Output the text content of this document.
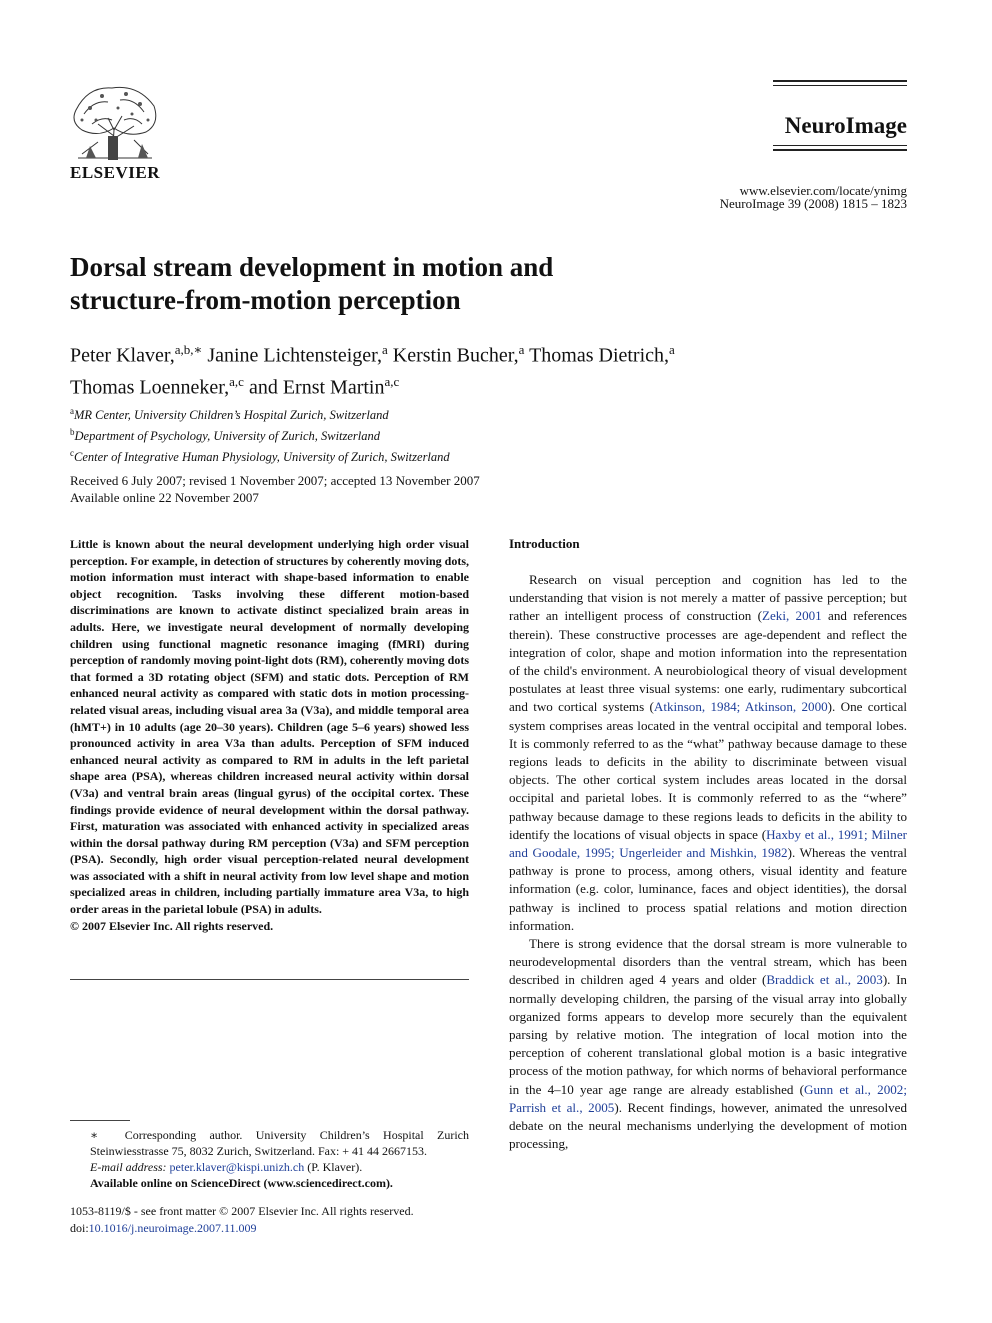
ELSEVIER
NeuroImage
www.elsevier.com/locate/ynimg
NeuroImage 39 (2008) 1815 – 1823
Dorsal stream development in motion and
structure-from-motion perception
Peter Klaver,$^{a,b,∗}$ Janine Lichtensteiger,$^a$ Kerstin Bucher,$^a$ Thomas Dietrich,$^a$
Thomas Loenneker,$^{a,c}$ and Ernst Martin$^{a,c}$
$^a$MR Center, University Children’s Hospital Zurich, Switzerland
$^b$Department of Psychology, University of Zurich, Switzerland
$^c$Center of Integrative Human Physiology, University of Zurich, Switzerland
Received 6 July 2007; revised 1 November 2007; accepted 13 November 2007
Available online 22 November 2007
Little is known about the neural development underlying high order visual perception. For example, in detection of structures by coherently moving dots, motion information must interact with shape-based information to enable object recognition. Tasks involving these different motion-based discriminations are known to activate distinct specialized brain areas in adults. Here, we investigate neural development of normally developing children using functional magnetic resonance imaging (fMRI) during perception of randomly moving point-light dots (RM), coherently moving dots that formed a 3D rotating object (SFM) and static dots. Perception of RM enhanced neural activity as compared with static dots in motion processing-related visual areas, including visual area 3a (V3a), and middle temporal area (hMT+) in 10 adults (age 20–30 years). Children (age 5–6 years) showed less pronounced activity in area V3a than adults. Perception of SFM induced enhanced neural activity as compared to RM in adults in the left parietal shape area (PSA), whereas children increased neural activity within dorsal (V3a) and ventral brain areas (lingual gyrus) of the occipital cortex. These findings provide evidence of neural development within the dorsal pathway. First, maturation was associated with enhanced activity in specialized areas within the dorsal pathway during RM perception (V3a) and SFM perception (PSA). Secondly, high order visual perception-related neural development was associated with a shift in neural activity from low level shape and motion specialized areas in children, including partially immature area V3a, to high order areas in the parietal lobule (PSA) in adults.
© 2007 Elsevier Inc. All rights reserved.
∗ Corresponding author. University Children’s Hospital Zurich Steinwiesstrasse 75, 8032 Zurich, Switzerland. Fax: + 41 44 2667153.
E-mail address: peter.klaver@kispi.unizh.ch (P. Klaver).
Available online on ScienceDirect (www.sciencedirect.com).
1053-8119/$ - see front matter © 2007 Elsevier Inc. All rights reserved.
doi:10.1016/j.neuroimage.2007.11.009
Introduction

Research on visual perception and cognition has led to the understanding that vision is not merely a matter of passive perception; but rather an intelligent process of construction (Zeki, 2001 and references therein). These constructive processes are age-dependent and reflect the integration of color, shape and motion information into the representation of the child's environment. A neurobiological theory of visual development postulates at least three visual systems: one early, rudimentary subcortical and two cortical systems (Atkinson, 1984; Atkinson, 2000). One cortical system comprises areas located in the ventral occipital and temporal lobes. It is commonly referred to as the “what” pathway because damage to these regions leads to deficits in the ability to discriminate between visual objects. The other cortical system includes areas located in the dorsal occipital and parietal lobes. It is commonly referred to as the “where” pathway because damage to these regions leads to deficits in the ability to identify the locations of visual objects in space (Haxby et al., 1991; Milner and Goodale, 1995; Ungerleider and Mishkin, 1982). Whereas the ventral pathway is prone to process, among others, visual identity and feature information (e.g. color, luminance, faces and object identities), the dorsal pathway is inclined to process spatial relations and motion direction information.

There is strong evidence that the dorsal stream is more vulnerable to neurodevelopmental disorders than the ventral stream, which has been described in children aged 4 years and older (Braddick et al., 2003). In normally developing children, the parsing of the visual array into globally organized forms appears to develop more securely than the equivalent parsing by relative motion. The integration of local motion into the perception of coherent translational global motion is a basic integrative process of the motion pathway, for which norms of behavioral performance in the 4–10 year age range are already established (Gunn et al., 2002; Parrish et al., 2005). Recent findings, however, animated the unresolved debate on the neural mechanisms underlying the development of motion processing,
